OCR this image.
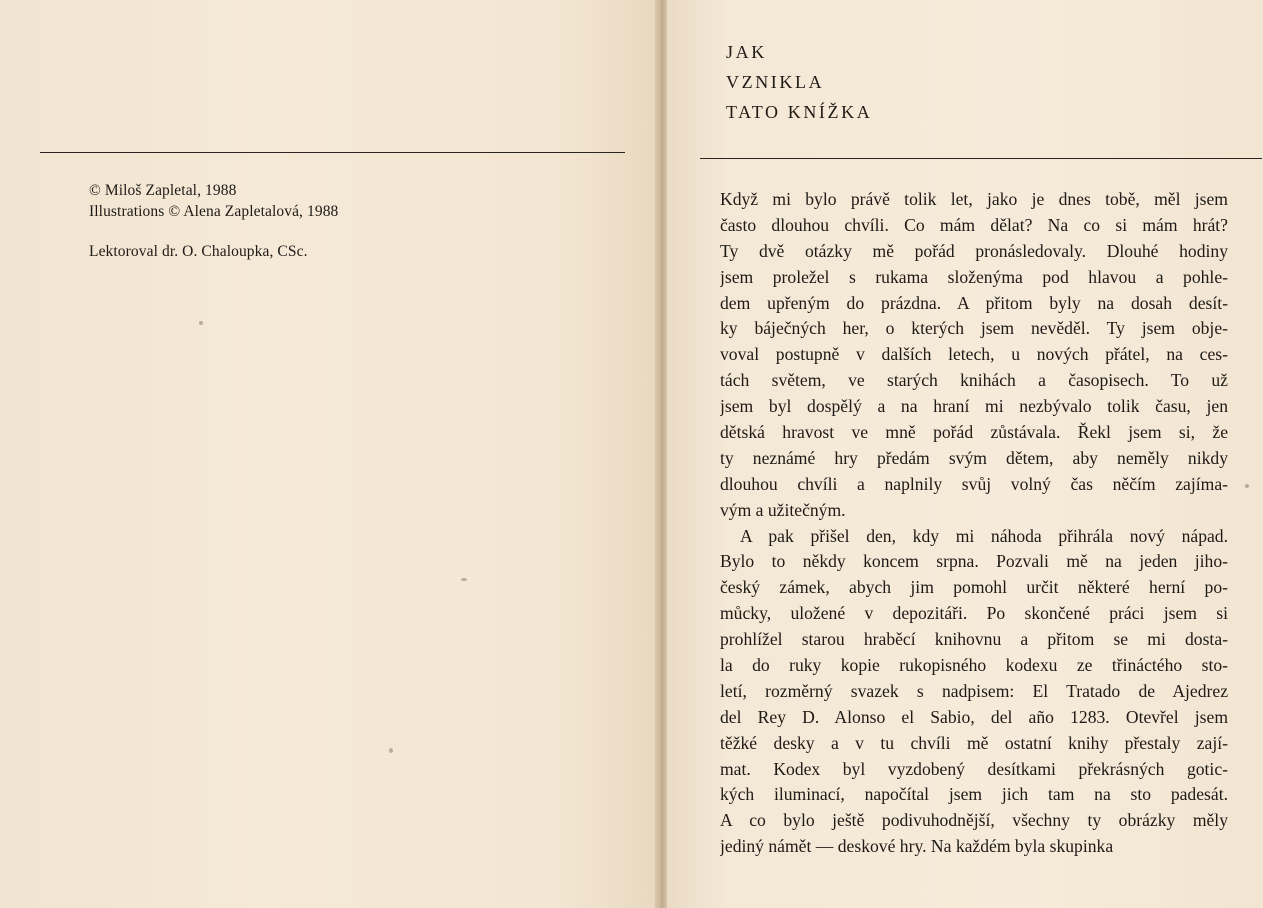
© Miloš Zapletal, 1988
Illustrations © Alena Zapletalová, 1988
Lektoroval dr. O. Chaloupka, CSc.
JAK
VZNIKLA
TATO KNÍŽKA
Když mi bylo právě tolik let, jako je dnes tobě, měl jsem
často dlouhou chvíli. Co mám dělat? Na co si mám hrát?
Ty dvě otázky mě pořád pronásledovaly. Dlouhé hodiny
jsem proležel s rukama složenýma pod hlavou a pohle-
dem upřeným do prázdna. A přitom byly na dosah desít-
ky báječných her, o kterých jsem nevěděl. Ty jsem obje-
voval postupně v dalších letech, u nových přátel, na ces-
tách světem, ve starých knihách a časopisech. To už
jsem byl dospělý a na hraní mi nezbývalo tolik času, jen
dětská hravost ve mně pořád zůstávala. Řekl jsem si, že
ty neznámé hry předám svým dětem, aby neměly nikdy
dlouhou chvíli a naplnily svůj volný čas něčím zajíma-
vým a užitečným.
A pak přišel den, kdy mi náhoda přihrála nový nápad.
Bylo to někdy koncem srpna. Pozvali mě na jeden jiho-
český zámek, abych jim pomohl určit některé herní po-
můcky, uložené v depozitáři. Po skončené práci jsem si
prohlížel starou hraběcí knihovnu a přitom se mi dosta-
la do ruky kopie rukopisného kodexu ze třináctého sto-
letí, rozměrný svazek s nadpisem: El Tratado de Ajedrez
del Rey D. Alonso el Sabio, del año 1283. Otevřel jsem
těžké desky a v tu chvíli mě ostatní knihy přestaly zají-
mat. Kodex byl vyzdobený desítkami překrásných gotic-
kých iluminací, napočítal jsem jich tam na sto padesát.
A co bylo ještě podivuhodnější, všechny ty obrázky měly
jediný námět — deskové hry. Na každém byla skupinka
